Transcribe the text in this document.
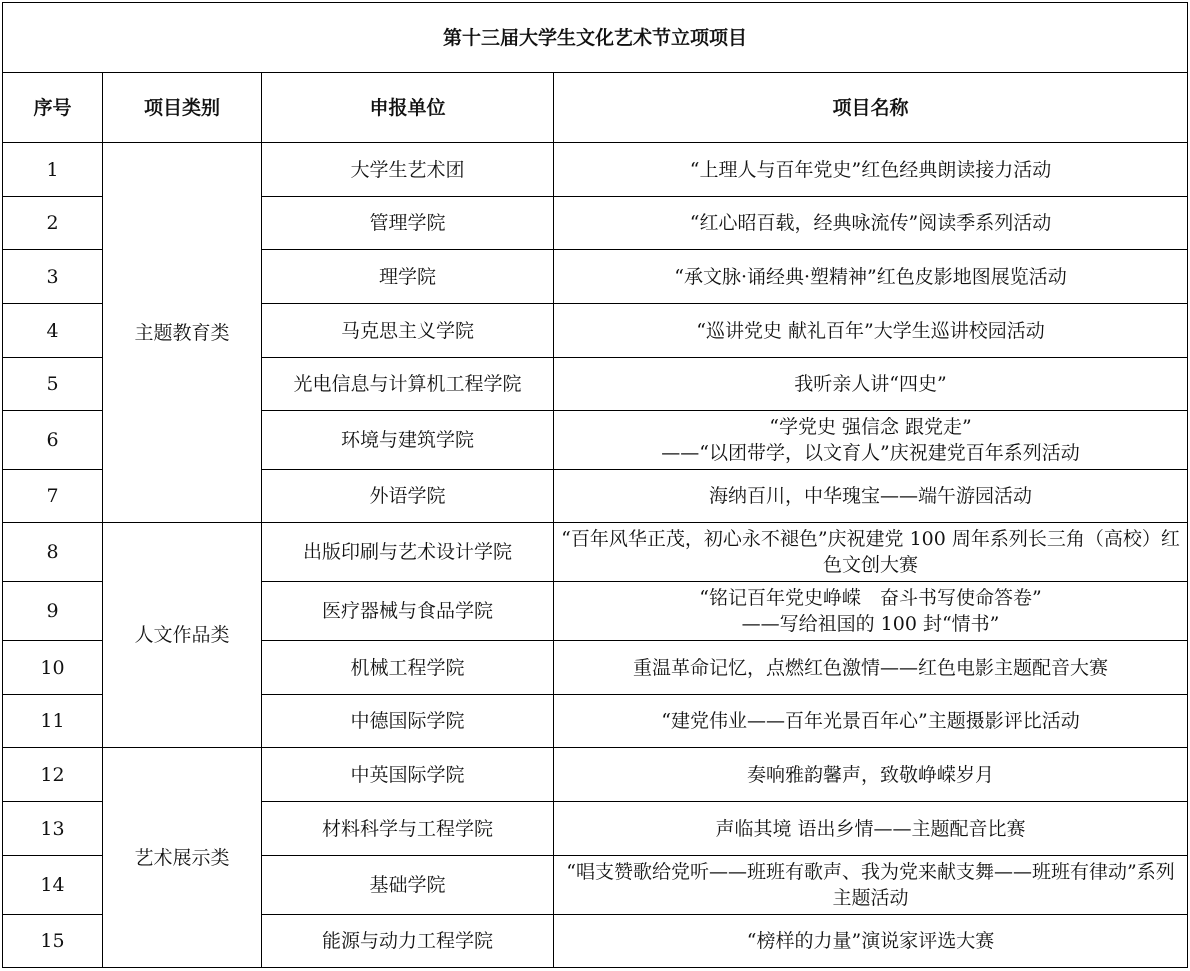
第十三届大学生文化艺术节立项项目			
序号	项目类别	申报单位	项目名称
1	主题教育类	大学生艺术团	“上理人与百年党史”红色经典朗读接力活动
2		管理学院	“红心昭百载，经典咏流传”阅读季系列活动
3		理学院	“承文脉·诵经典·塑精神”红色皮影地图展览活动
4		马克思主义学院	“巡讲党史 献礼百年”大学生巡讲校园活动
5		光电信息与计算机工程学院	我听亲人讲“四史”
6		环境与建筑学院	“学党史 强信念 跟党走”
——“以团带学，以文育人”庆祝建党百年系列活动
7		外语学院	海纳百川，中华瑰宝——端午游园活动
8	人文作品类	出版印刷与艺术设计学院	“百年风华正茂，初心永不褪色”庆祝建党 100 周年系列长三角（高校）红色文创大赛
9		医疗器械与食品学院	“铭记百年党史峥嵘　奋斗书写使命答卷”
——写给祖国的 100 封“情书”
10		机械工程学院	重温革命记忆，点燃红色激情——红色电影主题配音大赛
11		中德国际学院	“建党伟业——百年光景百年心”主题摄影评比活动
12	艺术展示类	中英国际学院	奏响雅韵馨声，致敬峥嵘岁月
13		材料科学与工程学院	声临其境 语出乡情——主题配音比赛
14		基础学院	“唱支赞歌给党听——班班有歌声、我为党来献支舞——班班有律动”系列主题活动
15		能源与动力工程学院	“榜样的力量”演说家评选大赛
